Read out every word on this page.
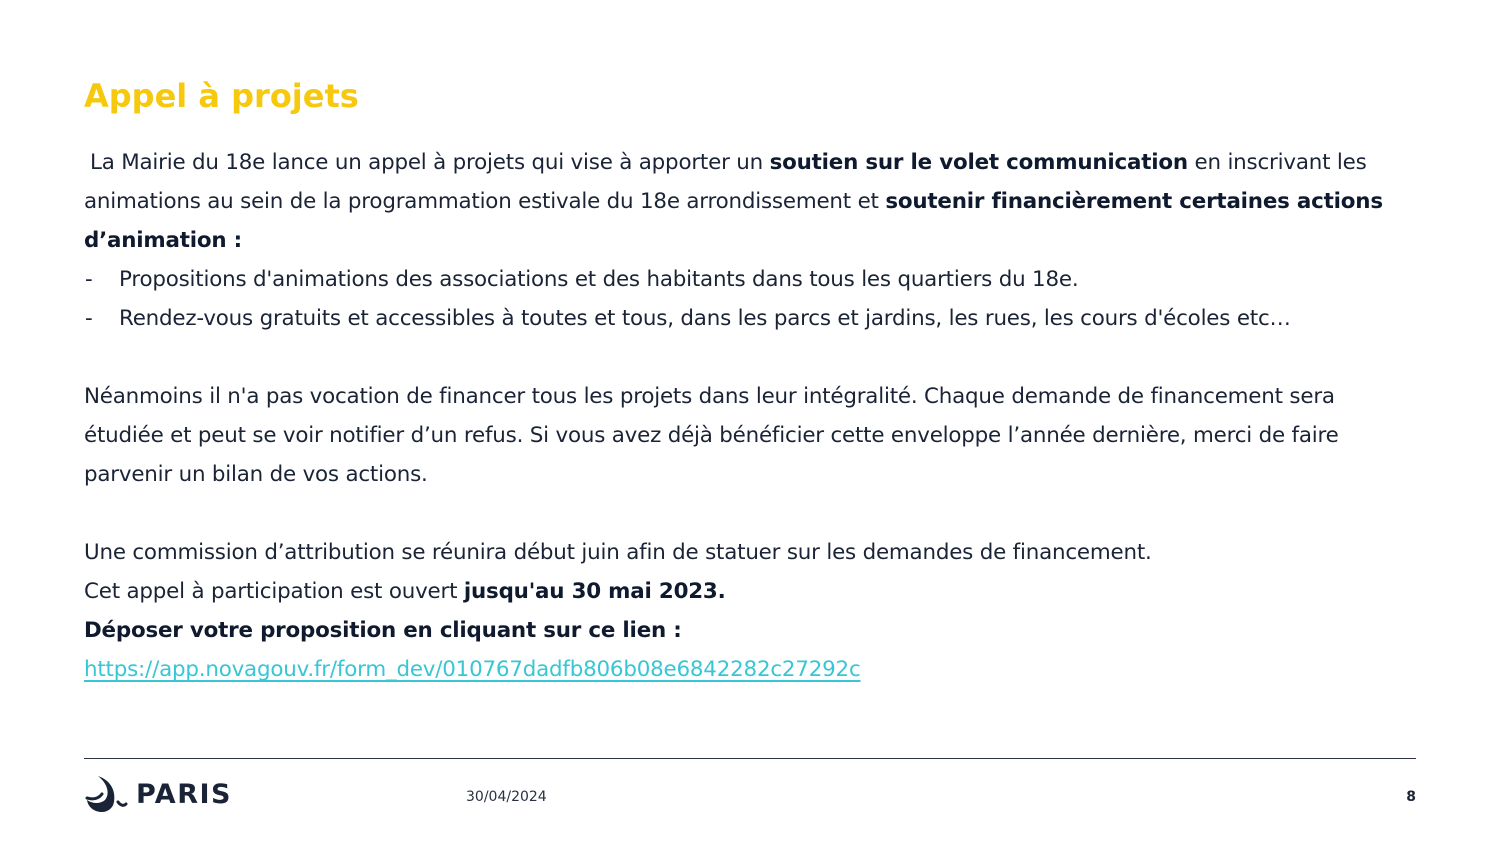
Appel à projets

La Mairie du 18e lance un appel à projets qui vise à apporter un soutien sur le volet communication en inscrivant les animations au sein de la programmation estivale du 18e arrondissement et soutenir financièrement certaines actions d’animation :

- Propositions d'animations des associations et des habitants dans tous les quartiers du 18e.
- Rendez-vous gratuits et accessibles à toutes et tous, dans les parcs et jardins, les rues, les cours d'écoles etc…

Néanmoins il n'a pas vocation de financer tous les projets dans leur intégralité. Chaque demande de financement sera étudiée et peut se voir notifier d’un refus. Si vous avez déjà bénéficier cette enveloppe l’année dernière, merci de faire parvenir un bilan de vos actions.

Une commission d’attribution se réunira début juin afin de statuer sur les demandes de financement.

Cet appel à participation est ouvert jusqu'au 30 mai 2023.

Déposer votre proposition en cliquant sur ce lien :

https://app.novagouv.fr/form_dev/010767dadfb806b08e6842282c27292c

PARIS	30/04/2024	8
